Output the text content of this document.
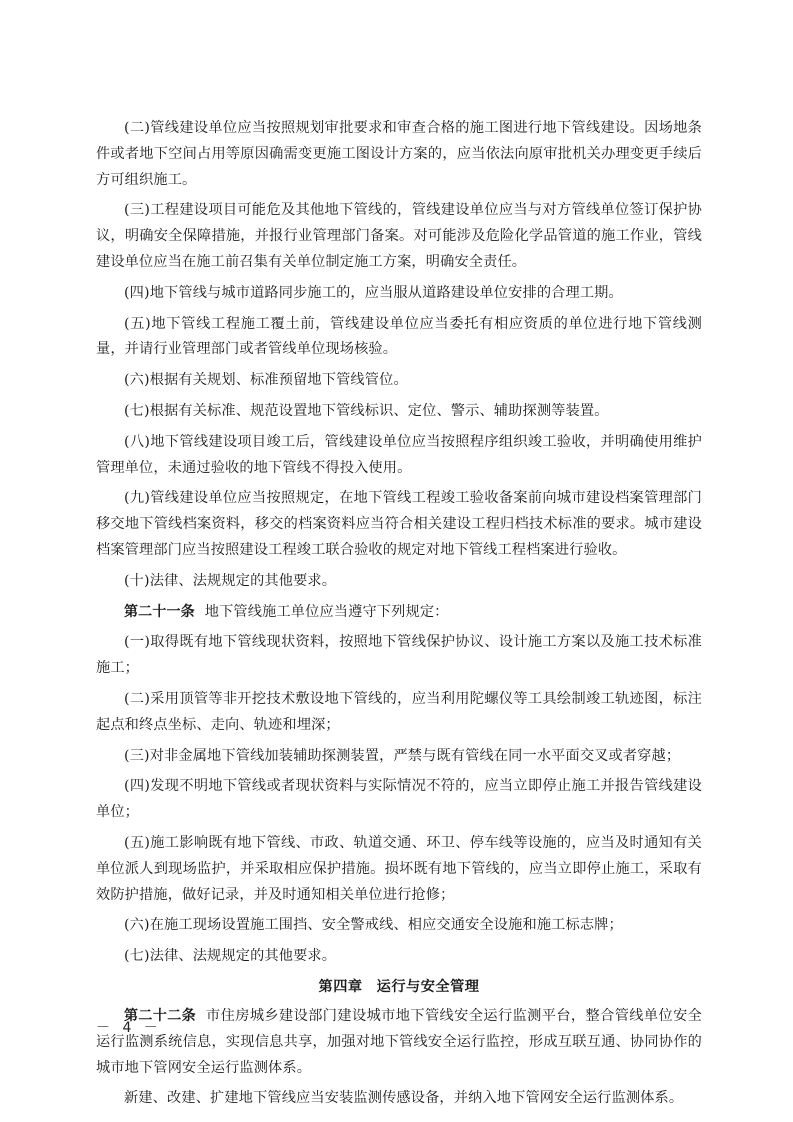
(二)管线建设单位应当按照规划审批要求和审查合格的施工图进行地下管线建设。因场地条件或者地下空间占用等原因确需变更施工图设计方案的，应当依法向原审批机关办理变更手续后方可组织施工。

(三)工程建设项目可能危及其他地下管线的，管线建设单位应当与对方管线单位签订保护协议，明确安全保障措施，并报行业管理部门备案。对可能涉及危险化学品管道的施工作业，管线建设单位应当在施工前召集有关单位制定施工方案，明确安全责任。

(四)地下管线与城市道路同步施工的，应当服从道路建设单位安排的合理工期。

(五)地下管线工程施工覆土前，管线建设单位应当委托有相应资质的单位进行地下管线测量，并请行业管理部门或者管线单位现场核验。

(六)根据有关规划、标准预留地下管线管位。

(七)根据有关标准、规范设置地下管线标识、定位、警示、辅助探测等装置。

(八)地下管线建设项目竣工后，管线建设单位应当按照程序组织竣工验收，并明确使用维护管理单位，未通过验收的地下管线不得投入使用。

(九)管线建设单位应当按照规定，在地下管线工程竣工验收备案前向城市建设档案管理部门移交地下管线档案资料，移交的档案资料应当符合相关建设工程归档技术标准的要求。城市建设档案管理部门应当按照建设工程竣工联合验收的规定对地下管线工程档案进行验收。

(十)法律、法规规定的其他要求。

第二十一条 地下管线施工单位应当遵守下列规定：

(一)取得既有地下管线现状资料，按照地下管线保护协议、设计施工方案以及施工技术标准施工；

(二)采用顶管等非开挖技术敷设地下管线的，应当利用陀螺仪等工具绘制竣工轨迹图，标注起点和终点坐标、走向、轨迹和埋深；

(三)对非金属地下管线加装辅助探测装置，严禁与既有管线在同一水平面交叉或者穿越；

(四)发现不明地下管线或者现状资料与实际情况不符的，应当立即停止施工并报告管线建设单位；

(五)施工影响既有地下管线、市政、轨道交通、环卫、停车线等设施的，应当及时通知有关单位派人到现场监护，并采取相应保护措施。损坏既有地下管线的，应当立即停止施工，采取有效防护措施，做好记录，并及时通知相关单位进行抢修；

(六)在施工现场设置施工围挡、安全警戒线、相应交通安全设施和施工标志牌；

(七)法律、法规规定的其他要求。

第四章 运行与安全管理

第二十二条 市住房城乡建设部门建设城市地下管线安全运行监测平台，整合管线单位安全运行监测系统信息，实现信息共享，加强对地下管线安全运行监控，形成互联互通、协同协作的城市地下管网安全运行监测体系。

新建、改建、扩建地下管线应当安装监测传感设备，并纳入地下管网安全运行监测体系。

－ 4 －
